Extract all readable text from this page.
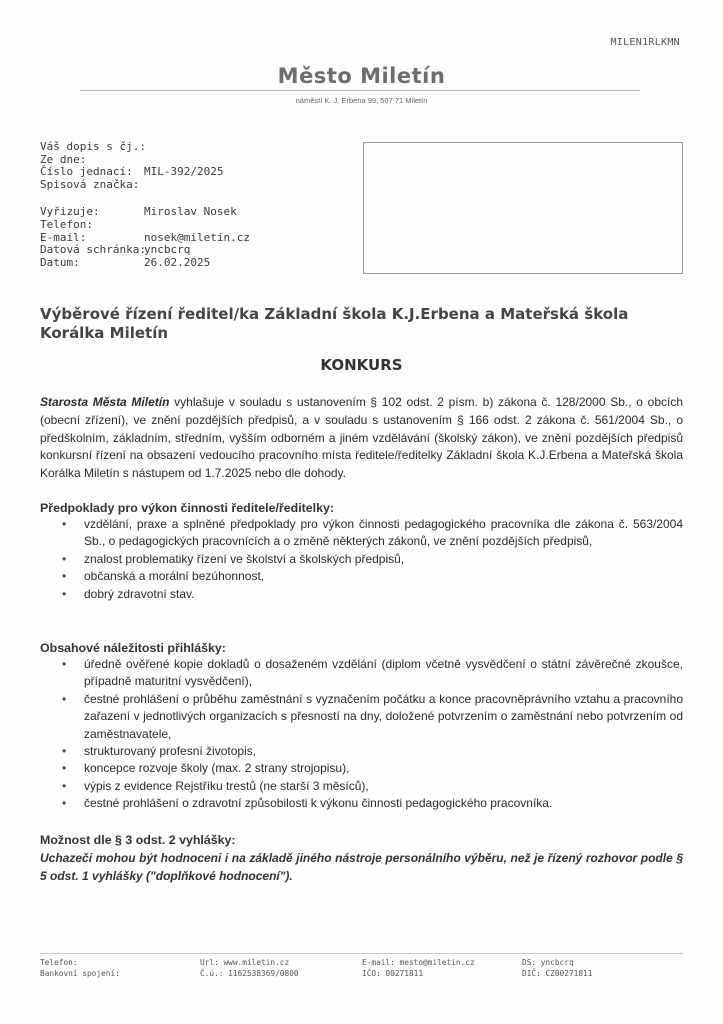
MILEN1RLKMN
Město Miletín
náměstí K. J. Erbena 99, 507 71 Miletín
Váš dopis s čj.:
Ze dne:
Číslo jednací:	MIL-392/2025
Spisová značka:
Vyřizuje:	Miroslav Nosek
Telefon:
E-mail:	nosek@miletin.cz
Datová schránka:
yncbcrq
Datum:	26.02.2025
Výběrové řízení ředitel/ka Základní škola K.J.Erbena a Mateřská škola Korálka Miletín
KONKURS
Starosta Města Miletín vyhlašuje v souladu s ustanovením § 102 odst. 2 písm. b) zákona č. 128/2000 Sb., o obcích (obecní zřízení), ve znění pozdějších předpisů, a v souladu s ustanovením § 166 odst. 2 zákona č. 561/2004 Sb., o předškolním, základním, středním, vyšším odborném a jiném vzdělávání (školský zákon), ve znění pozdějších předpisů konkursní řízení na obsazení vedoucího pracovního místa ředitele/ředitelky Základní škola K.J.Erbena a Mateřská škola Korálka Miletín s nástupem od 1.7.2025 nebo dle dohody.
Předpoklady pro výkon činnosti ředitele/ředitelky:
• vzdělání, praxe a splněné předpoklady pro výkon činnosti pedagogického pracovníka dle zákona č. 563/2004 Sb., o pedagogických pracovnících a o změně některých zákonů, ve znění pozdějších předpisů,
• znalost problematiky řízení ve školství a školských předpisů,
• občanská a morální bezúhonnost,
• dobrý zdravotní stav.
Obsahové náležitosti přihlášky:
• úředně ověřené kopie dokladů o dosaženém vzdělání (diplom včetně vysvědčení o státní závěrečné zkoušce, případně maturitní vysvědčení),
• čestné prohlášení o průběhu zaměstnání s vyznačením počátku a konce pracovněprávního vztahu a pracovního zařazení v jednotlivých organizacích s přesností na dny, doložené potvrzením o zaměstnání nebo potvrzením od zaměstnavatele,
• strukturovaný profesní životopis,
• koncepce rozvoje školy (max. 2 strany strojopisu),
• výpis z evidence Rejstříku trestů (ne starší 3 měsíců),
• čestné prohlášení o zdravotní způsobilosti k výkonu činnosti pedagogického pracovníka.
Možnost dle § 3 odst. 2 vyhlášky:
Uchazeči mohou být hodnoceni i na základě jiného nástroje personálního výběru, než je řízený rozhovor podle § 5 odst. 1 vyhlášky ("doplňkové hodnocení").
Telefon:
Bankovní spojení:
Url: www.miletin.cz
Č.ú.: 1162538369/0800
E-mail: mesto@miletin.cz
IČO: 00271811
DS: yncbcrq
DIČ: CZ00271811
